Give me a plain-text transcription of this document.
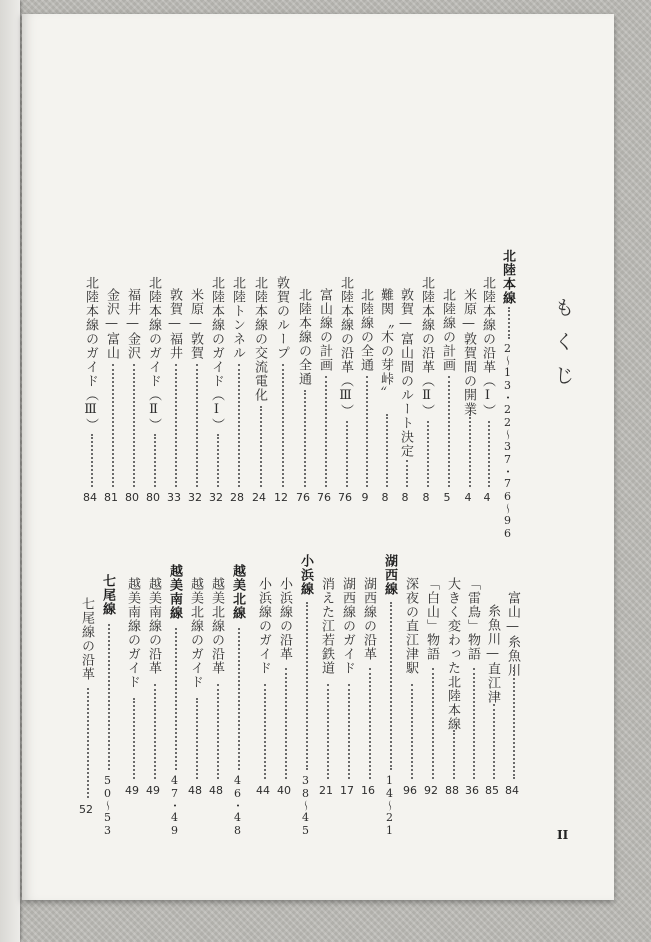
もくじ
北陸本線
2〜13・22〜37・76〜96
北陸本線の沿革（Ⅰ）
4
米原—敦賀間の開業
4
北陸線の計画
5
北陸本線の沿革（Ⅱ）
8
敦賀—富山間のルート決定
8
難関〝木の芽峠〟
8
北陸線の全通
9
北陸本線の沿革（Ⅲ）
76
富山線の計画
76
北陸本線の全通
76
敦賀のループ
12
北陸本線の交流電化
24
北陸トンネル
28
北陸本線のガイド（Ⅰ）
32
米原—敦賀
32
敦賀—福井
33
北陸本線のガイド（Ⅱ）
80
福井—金沢
80
金沢—富山
81
北陸本線のガイド（Ⅲ）
84
富山—糸魚川
84
糸魚川—直江津
85
「雷鳥」物語
36
大きく変わった北陸本線
88
「白山」物語
92
深夜の直江津駅
96
湖西線
14〜21
湖西線の沿革
16
湖西線のガイド
17
消えた江若鉄道
21
小浜線
38〜45
小浜線の沿革
40
小浜線のガイド
44
越美北線
46・48
越美北線の沿革
48
越美北線のガイド
48
越美南線
47・49
越美南線の沿革
49
越美南線のガイド
49
七尾線
50〜53
七尾線の沿革
52
II
